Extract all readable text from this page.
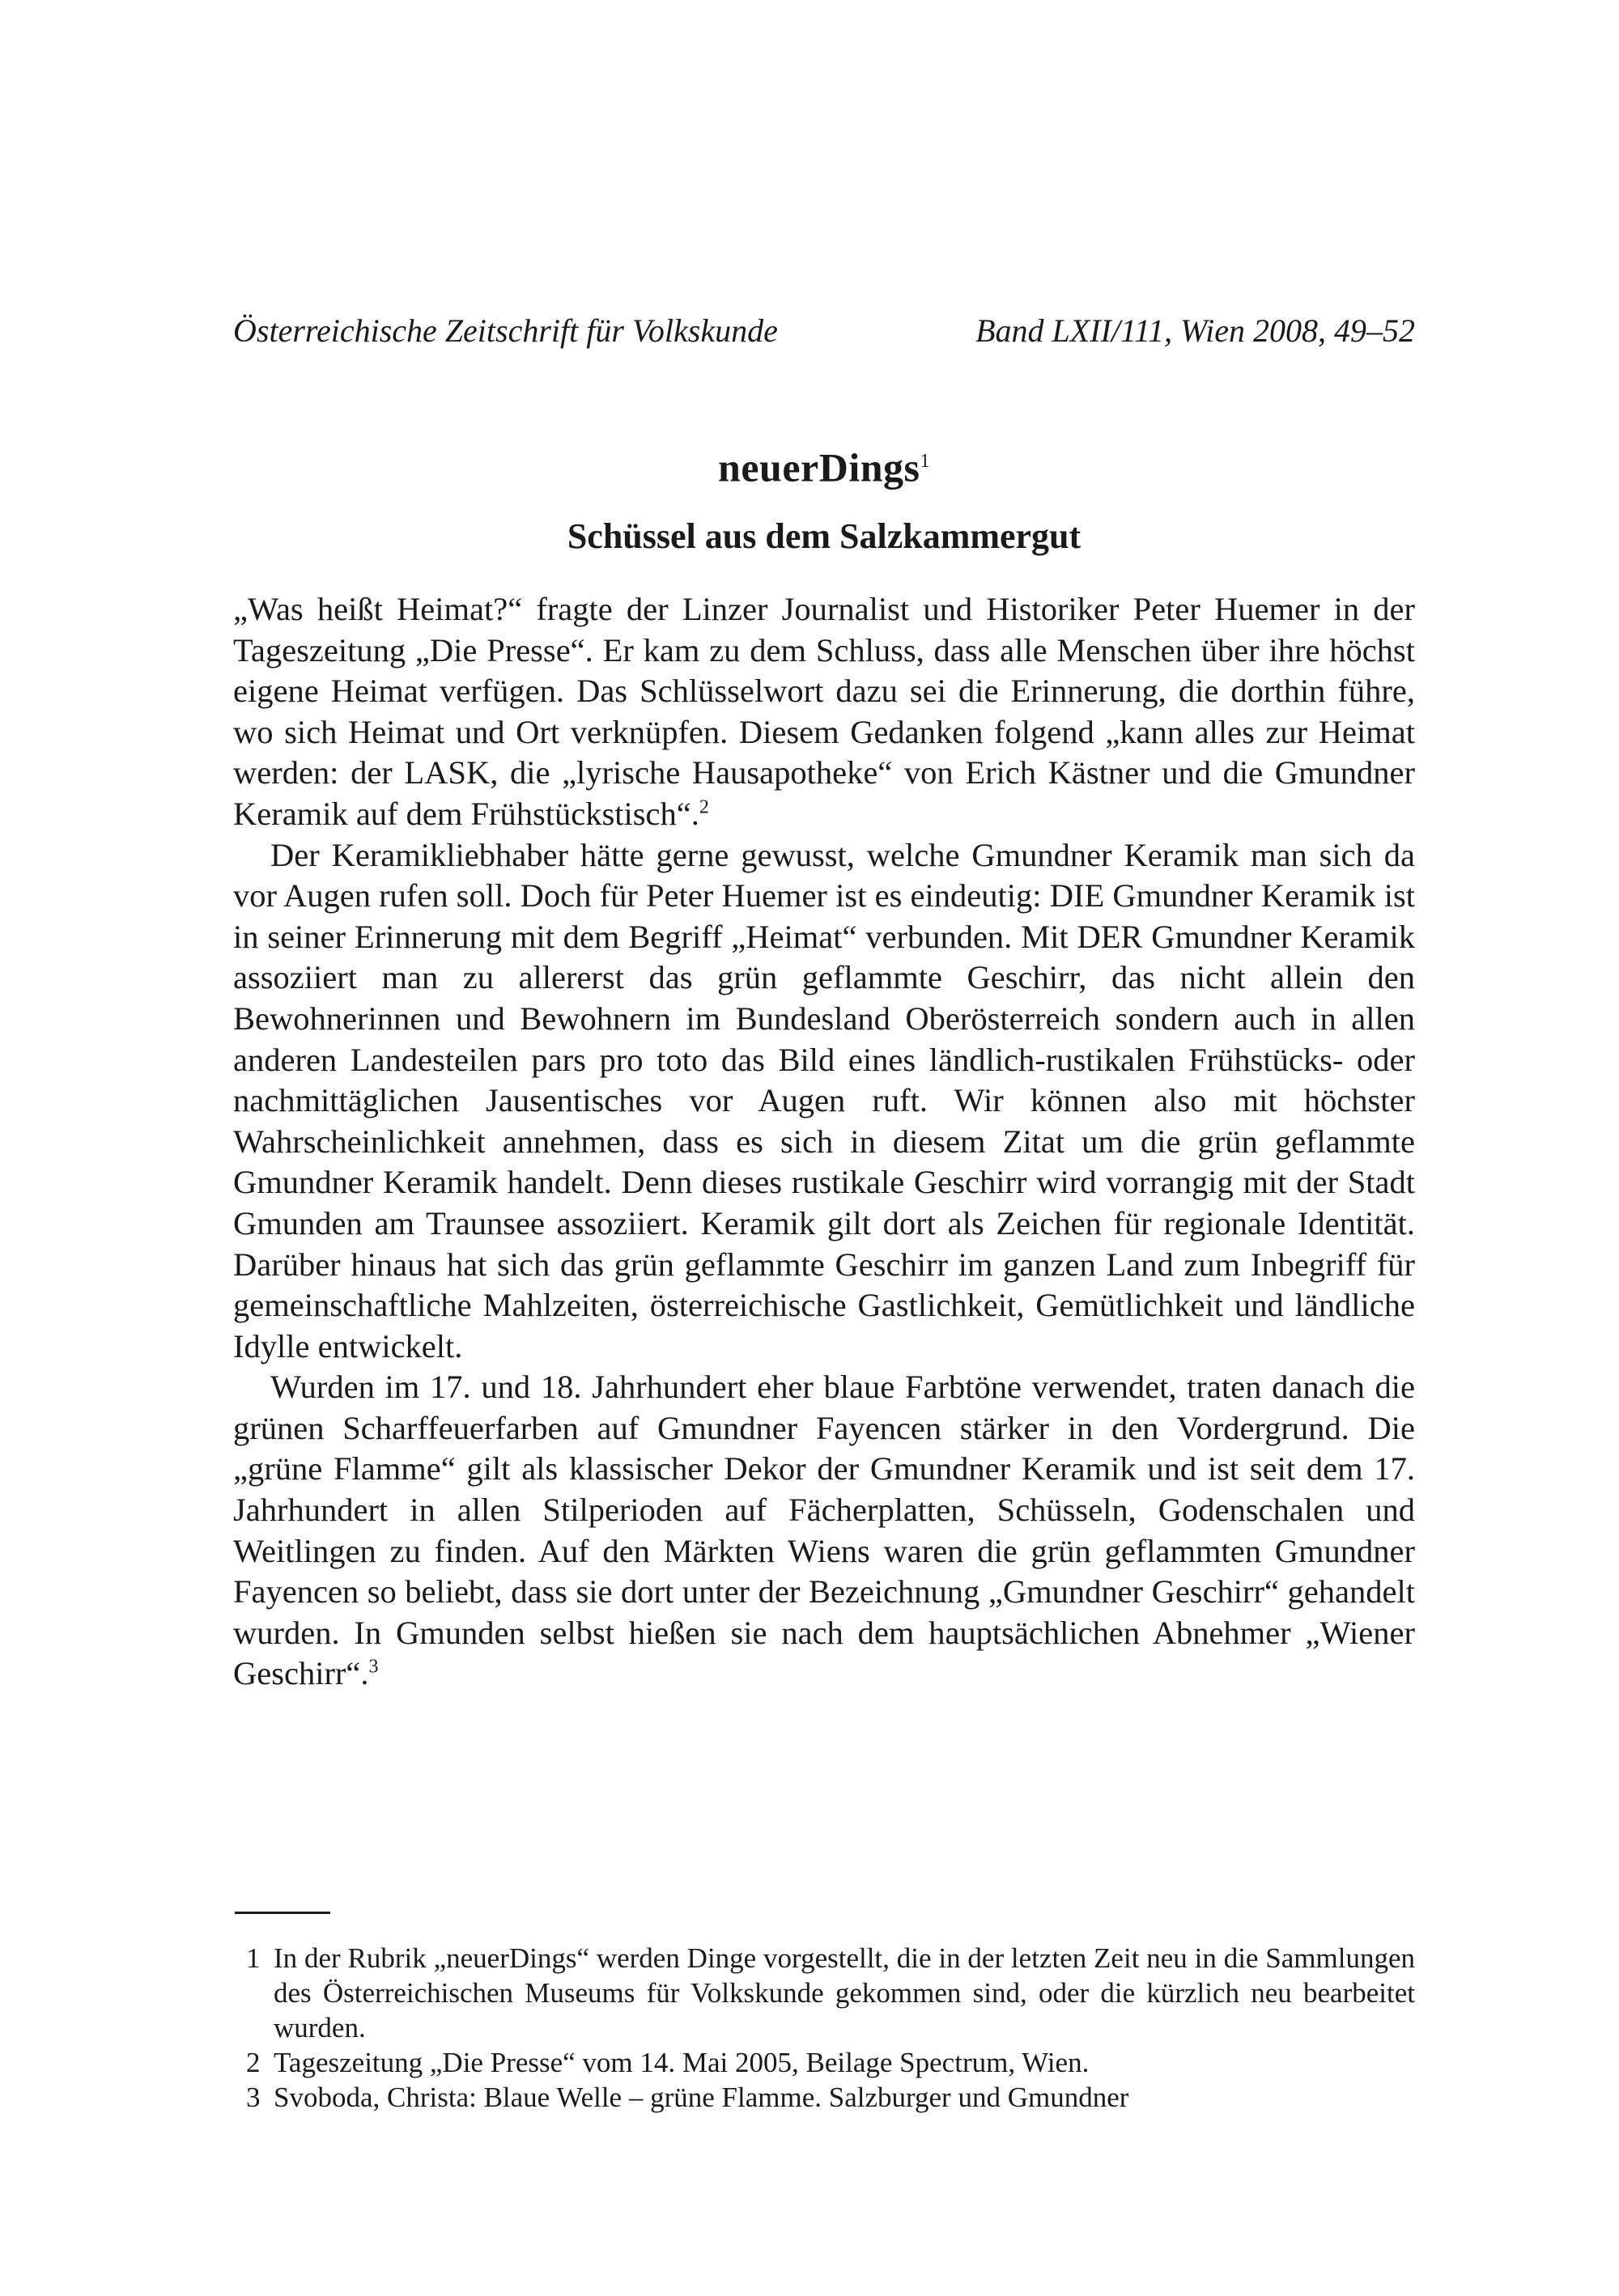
Österreichische Zeitschrift für Volkskunde	Band LXII/111, Wien 2008, 49–52
neuerDings$^1$
Schüssel aus dem Salzkammergut

„Was heißt Heimat?“ fragte der Linzer Journalist und Historiker Peter Huemer in der Tageszeitung „Die Presse“. Er kam zu dem Schluss, dass alle Menschen über ihre höchst eigene Heimat verfügen. Das Schlüsselwort dazu sei die Erinnerung, die dorthin führe, wo sich Heimat und Ort verknüpfen. Diesem Gedanken folgend „kann alles zur Heimat werden: der LASK, die „lyrische Hausapotheke“ von Erich Kästner und die Gmundner Keramik auf dem Frühstückstisch“.$^2$

Der Keramikliebhaber hätte gerne gewusst, welche Gmundner Keramik man sich da vor Augen rufen soll. Doch für Peter Huemer ist es eindeutig: DIE Gmundner Keramik ist in seiner Erinnerung mit dem Begriff „Heimat“ verbunden. Mit DER Gmundner Keramik assoziiert man zu allererst das grün geflammte Geschirr, das nicht allein den Bewohnerinnen und Bewohnern im Bundesland Oberösterreich sondern auch in allen anderen Landesteilen pars pro toto das Bild eines ländlich-rustikalen Frühstücks- oder nachmittäglichen Jausentisches vor Augen ruft. Wir können also mit höchster Wahrscheinlichkeit annehmen, dass es sich in diesem Zitat um die grün geflammte Gmundner Keramik handelt. Denn dieses rustikale Geschirr wird vorrangig mit der Stadt Gmunden am Traunsee assoziiert. Keramik gilt dort als Zeichen für regionale Identität. Darüber hinaus hat sich das grün geflammte Geschirr im ganzen Land zum Inbegriff für gemeinschaftliche Mahlzeiten, österreichische Gastlichkeit, Gemütlichkeit und ländliche Idylle entwickelt.

Wurden im 17. und 18. Jahrhundert eher blaue Farbtöne verwendet, traten danach die grünen Scharffeuerfarben auf Gmundner Fayencen stärker in den Vordergrund. Die „grüne Flamme“ gilt als klassischer Dekor der Gmundner Keramik und ist seit dem 17. Jahrhundert in allen Stilperioden auf Fächerplatten, Schüsseln, Godenschalen und Weitlingen zu finden. Auf den Märkten Wiens waren die grün geflammten Gmundner Fayencen so beliebt, dass sie dort unter der Bezeichnung „Gmundner Geschirr“ gehandelt wurden. In Gmunden selbst hießen sie nach dem hauptsächlichen Abnehmer „Wiener Geschirr“.$^3$

1 In der Rubrik „neuerDings“ werden Dinge vorgestellt, die in der letzten Zeit neu in die Sammlungen des Österreichischen Museums für Volkskunde gekommen sind, oder die kürzlich neu bearbeitet wurden.
2 Tageszeitung „Die Presse“ vom 14. Mai 2005, Beilage Spectrum, Wien.
3 Svoboda, Christa: Blaue Welle – grüne Flamme. Salzburger und Gmundner
